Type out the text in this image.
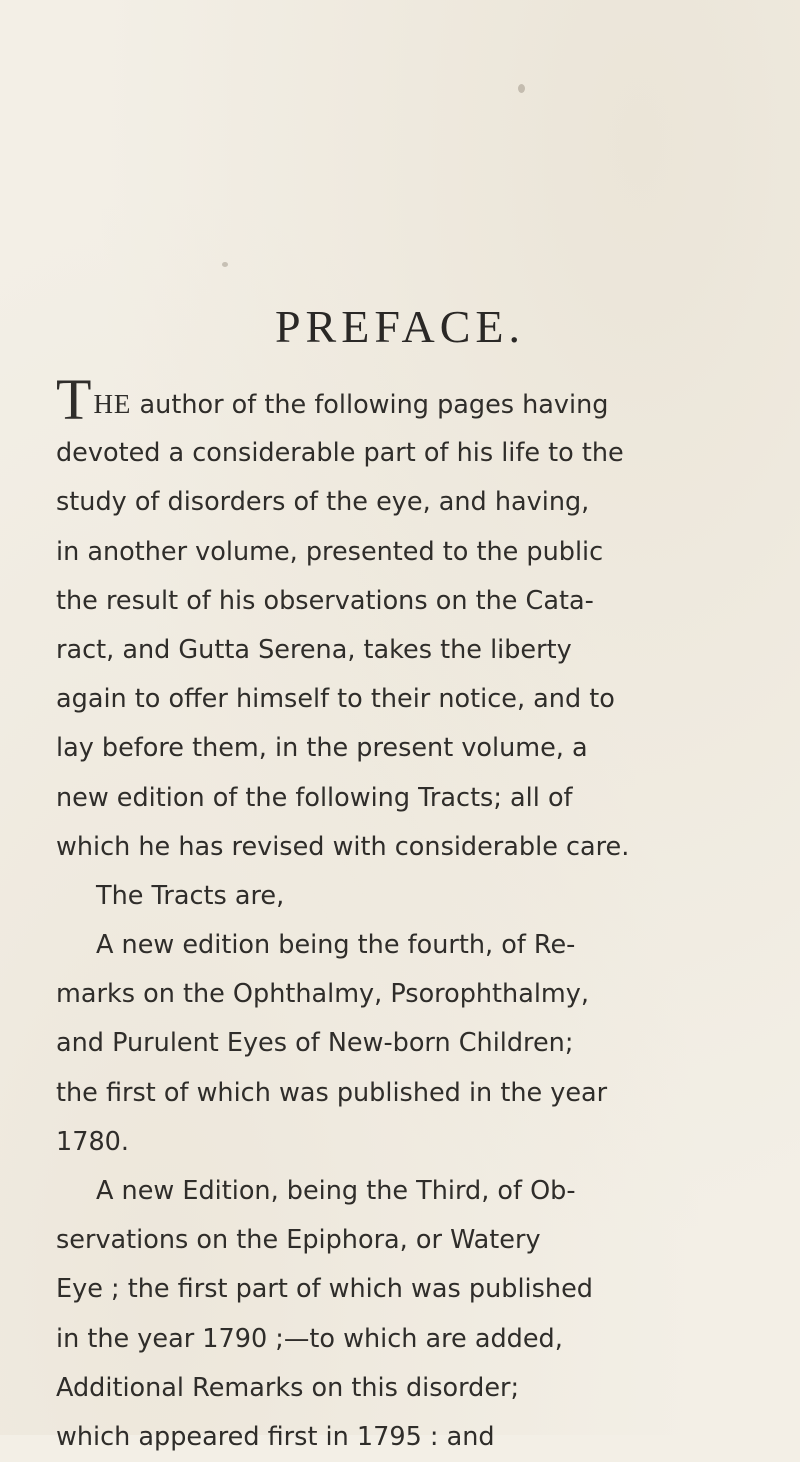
PREFACE.
THE author of the following pages having
devoted a considerable part of his life to the
study of disorders of the eye, and having,
in another volume, presented to the public
the result of his observations on the Cata-
ract, and Gutta Serena, takes the liberty
again to offer himself to their notice, and to
lay before them, in the present volume, a
new edition of the following Tracts; all of
which he has revised with considerable care.
The Tracts are,
A new edition being the fourth, of Re-
marks on the Ophthalmy, Psorophthalmy,
and Purulent Eyes of New-born Children;
the first of which was published in the year
1780.
A new Edition, being the Third, of Ob-
servations on the Epiphora, or Watery
Eye ; the first part of which was published
in the year 1790 ;—to which are added,
Additional Remarks on this disorder;
which appeared first in 1795 : and
